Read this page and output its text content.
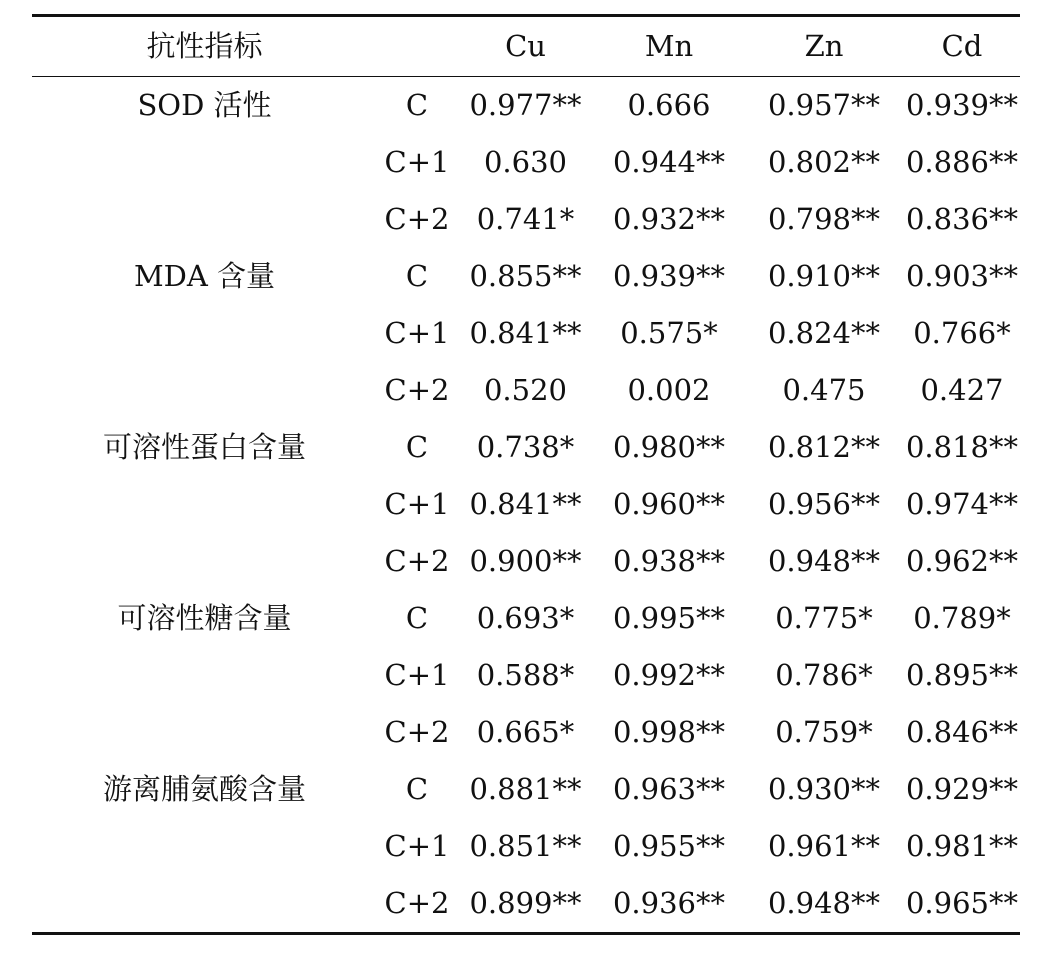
抗性指标		Cu	Mn	Zn	Cd
SOD 活性	C	0.977**	0.666	0.957**	0.939**
	C+1	0.630	0.944**	0.802**	0.886**
	C+2	0.741*	0.932**	0.798**	0.836**
MDA 含量	C	0.855**	0.939**	0.910**	0.903**
	C+1	0.841**	0.575*	0.824**	0.766*
	C+2	0.520	0.002	0.475	0.427
可溶性蛋白含量	C	0.738*	0.980**	0.812**	0.818**
	C+1	0.841**	0.960**	0.956**	0.974**
	C+2	0.900**	0.938**	0.948**	0.962**
可溶性糖含量	C	0.693*	0.995**	0.775*	0.789*
	C+1	0.588*	0.992**	0.786*	0.895**
	C+2	0.665*	0.998**	0.759*	0.846**
游离脯氨酸含量	C	0.881**	0.963**	0.930**	0.929**
	C+1	0.851**	0.955**	0.961**	0.981**
	C+2	0.899**	0.936**	0.948**	0.965**
